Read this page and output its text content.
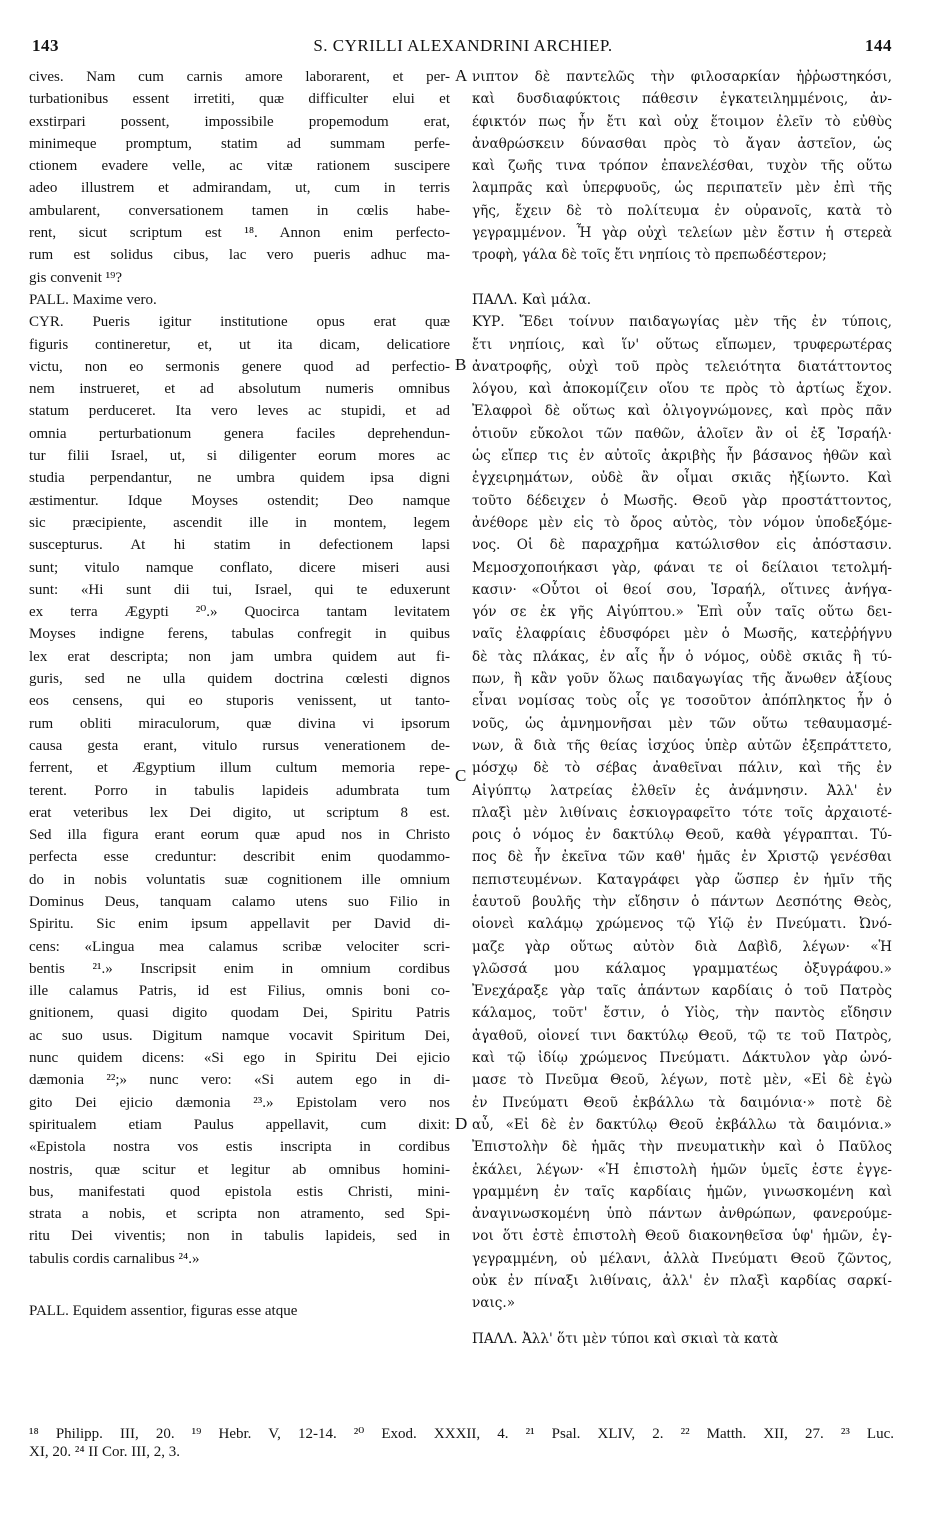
143	S. CYRILLI ALEXANDRINI ARCHIEP.	144
cives. Nam cum carnis amore laborarent, et per-
turbationibus essent irretiti, quæ difficulter elui et
exstirpari possent, impossibile propemodum erat,
minimeque promptum, statim ad summam perfe-
ctionem evadere velle, ac vitæ rationem suscipere
adeo illustrem et admirandam, ut, cum in terris
ambularent, conversationem tamen in cœlis habe-
rent, sicut scriptum est ¹⁸. Annon enim perfecto-
rum est solidus cibus, lac vero pueris adhuc ma-
gis convenit ¹⁹?
PALL. Maxime vero.
CYR. Pueris igitur institutione opus erat quæ
figuris contineretur, et, ut ita dicam, delicatiore
victu, non eo sermonis genere quod ad perfectio-
nem instrueret, et ad absolutum numeris omnibus
statum perduceret. Ita vero leves ac stupidi, et ad
omnia perturbationum genera faciles deprehendun-
tur filii Israel, ut, si diligenter eorum mores ac
studia perpendantur, ne umbra quidem ipsa digni
æstimentur. Idque Moyses ostendit; Deo namque
sic præcipiente, ascendit ille in montem, legem
suscepturus. At hi statim in defectionem lapsi
sunt; vitulo namque conflato, dicere miseri ausi
sunt: «Hi sunt dii tui, Israel, qui te eduxerunt
ex terra Ægypti ²⁰.» Quocirca tantam levitatem
Moyses indigne ferens, tabulas confregit in quibus
lex erat descripta; non jam umbra quidem aut fi-
guris, sed ne ulla quidem doctrina cœlesti dignos
eos censens, qui eo stuporis venissent, ut tanto-
rum obliti miraculorum, quæ divina vi ipsorum
causa gesta erant, vitulo rursus venerationem de-
ferrent, et Ægyptium illum cultum memoria repe-
terent. Porro in tabulis lapideis adumbrata tum
erat veteribus lex Dei digito, ut scriptum 8 est.
Sed illa figura erant eorum quæ apud nos in Christo
perfecta esse creduntur: describit enim quodammo-
do in nobis voluntatis suæ cognitionem ille omnium
Dominus Deus, tanquam calamo utens suo Filio in
Spiritu. Sic enim ipsum appellavit per David di-
cens: «Lingua mea calamus scribæ velociter scri-
bentis ²¹.» Inscripsit enim in omnium cordibus
ille calamus Patris, id est Filius, omnis boni co-
gnitionem, quasi digito quodam Dei, Spiritu Patris
ac suo usus. Digitum namque vocavit Spiritum Dei,
nunc quidem dicens: «Si ego in Spiritu Dei ejicio
dæmonia ²²;» nunc vero: «Si autem ego in di-
gito Dei ejicio dæmonia ²³.» Epistolam vero nos
spiritualem etiam Paulus appellavit, cum dixit:
«Epistola nostra vos estis inscripta in cordibus
nostris, quæ scitur et legitur ab omnibus homini-
bus, manifestati quod epistola estis Christi, mini-
strata a nobis, et scripta non atramento, sed Spi-
ritu Dei viventis; non in tabulis lapideis, sed in
tabulis cordis carnalibus ²⁴.»
PALL. Equidem assentior, figuras esse atque
νιπτον δὲ παντελῶς τὴν φιλοσαρκίαν ἠῤῥωστηκόσι,
καὶ δυσδιαφύκτοις πάθεσιν ἐγκατειλημμένοις, ἀν-
έφικτόν πως ἦν ἔτι καὶ οὐχ ἕτοιμον ἐλεῖν τὸ εὐθὺς
ἀναθρώσκειν δύνασθαι πρὸς τὸ ἄγαν ἀστεῖον, ὡς
καὶ ζωῆς τινα τρόπον ἐπανελέσθαι, τυχὸν τῆς οὕτω
λαμπρᾶς καὶ ὑπερφυοῦς, ὡς περιπατεῖν μὲν ἐπὶ τῆς
γῆς, ἔχειν δὲ τὸ πολίτευμα ἐν οὐρανοῖς, κατὰ τὸ
γεγραμμένον. Ἦ γὰρ οὐχὶ τελείων μὲν ἔστιν ἡ στερεὰ
τροφὴ, γάλα δὲ τοῖς ἔτι νηπίοις τὸ πρεπωδέστερον;
ΠΑΛΛ. Καὶ μάλα.
ΚΥΡ. Ἔδει τοίνυν παιδαγωγίας μὲν τῆς ἐν τύποις,
ἔτι νηπίοις, καὶ ἵν' οὕτως εἴπωμεν, τρυφερωτέρας
ἀνατροφῆς, οὐχὶ τοῦ πρὸς τελειότητα διατάττοντος
λόγου, καὶ ἀποκομίζειν οἵου τε πρὸς τὸ ἀρτίως ἔχον.
Ἐλαφροὶ δὲ οὕτως καὶ ὀλιγογνώμονες, καὶ πρὸς πᾶν
ὁτιοῦν εὔκολοι τῶν παθῶν, ἁλοῖεν ἂν οἱ ἐξ Ἰσραήλ·
ὡς εἴπερ τις ἐν αὐτοῖς ἀκριβὴς ἦν βάσανος ἠθῶν καὶ
ἐγχειρημάτων, οὐδὲ ἂν οἶμαι σκιᾶς ἠξίωντο. Καὶ
τοῦτο δέδειχεν ὁ Μωσῆς. Θεοῦ γὰρ προστάττοντος,
ἀνέθορε μὲν εἰς τὸ ὄρος αὐτὸς, τὸν νόμον ὑποδεξόμε-
νος. Οἱ δὲ παραχρῆμα κατώλισθον εἰς ἀπόστασιν.
Μεμοσχοποιήκασι γὰρ, φάναι τε οἱ δείλαιοι τετολμή-
κασιν· «Οὗτοι οἱ θεοί σου, Ἰσραήλ, οἵτινες ἀνήγα-
γόν σε ἐκ γῆς Αἰγύπτου.» Ἐπὶ οὖν ταῖς οὕτω δει-
ναῖς ἐλαφρίαις ἐδυσφόρει μὲν ὁ Μωσῆς, κατεῤῥήγνυ
δὲ τὰς πλάκας, ἐν αἷς ἦν ὁ νόμος, οὐδὲ σκιᾶς ἢ τύ-
πων, ἢ κἂν γοῦν ὅλως παιδαγωγίας τῆς ἄνωθεν ἀξίους
εἶναι νομίσας τοὺς οἷς γε τοσοῦτον ἀπόπληκτος ἦν ὁ
νοῦς, ὡς ἀμνημονῆσαι μὲν τῶν οὕτω τεθαυμασμέ-
νων, ἃ διὰ τῆς θείας ἰσχύος ὑπὲρ αὐτῶν ἐξεπράττετο,
μόσχῳ δὲ τὸ σέβας ἀναθεῖναι πάλιν, καὶ τῆς ἐν
Αἰγύπτῳ λατρείας ἐλθεῖν ἐς ἀνάμνησιν. Ἀλλ' ἐν
πλαξὶ μὲν λιθίναις ἐσκιογραφεῖτο τότε τοῖς ἀρχαιοτέ-
ροις ὁ νόμος ἐν δακτύλῳ Θεοῦ, καθὰ γέγραπται. Τύ-
πος δὲ ἦν ἐκεῖνα τῶν καθ' ἡμᾶς ἐν Χριστῷ γενέσθαι
πεπιστευμένων. Καταγράφει γὰρ ὥσπερ ἐν ἡμῖν τῆς
ἑαυτοῦ βουλῆς τὴν εἴδησιν ὁ πάντων Δεσπότης Θεὸς,
οἱονεὶ καλάμῳ χρώμενος τῷ Υἱῷ ἐν Πνεύματι. Ὠνό-
μαζε γὰρ οὕτως αὐτὸν διὰ Δαβὶδ, λέγων· «Ἡ
γλῶσσά μου κάλαμος γραμματέως ὀξυγράφου.»
Ἐνεχάραξε γὰρ ταῖς ἁπάντων καρδίαις ὁ τοῦ Πατρὸς
κάλαμος, τοῦτ' ἔστιν, ὁ Υἱὸς, τὴν παντὸς εἴδησιν
ἀγαθοῦ, οἱονεί τινι δακτύλῳ Θεοῦ, τῷ τε τοῦ Πατρὸς,
καὶ τῷ ἰδίῳ χρώμενος Πνεύματι. Δάκτυλον γὰρ ὠνό-
μασε τὸ Πνεῦμα Θεοῦ, λέγων, ποτὲ μὲν, «Εἰ δὲ ἐγὼ
ἐν Πνεύματι Θεοῦ ἐκβάλλω τὰ δαιμόνια·» ποτὲ δὲ
αὖ, «Εἰ δὲ ἐν δακτύλῳ Θεοῦ ἐκβάλλω τὰ δαιμόνια.»
Ἐπιστολὴν δὲ ἡμᾶς τὴν πνευματικὴν καὶ ὁ Παῦλος
ἐκάλει, λέγων· «Ἡ ἐπιστολὴ ἡμῶν ὑμεῖς ἐστε ἐγγε-
γραμμένη ἐν ταῖς καρδίαις ἡμῶν, γινωσκομένη καὶ
ἀναγινωσκομένη ὑπὸ πάντων ἀνθρώπων, φανερούμε-
νοι ὅτι ἐστὲ ἐπιστολὴ Θεοῦ διακονηθεῖσα ὑφ' ἡμῶν, ἐγ-
γεγραμμένη, οὐ μέλανι, ἀλλὰ Πνεύματι Θεοῦ ζῶντος,
οὐκ ἐν πίναξι λιθίναις, ἀλλ' ἐν πλαξὶ καρδίας σαρκί-
ναις.»
ΠΑΛΛ. Ἀλλ' ὅτι μὲν τύποι καὶ σκιαὶ τὰ κατὰ
A
B
C
D
¹⁸ Philipp. III, 20. ¹⁹ Hebr. V, 12-14. ²⁰ Exod. XXXII, 4. ²¹ Psal. XLIV, 2. ²² Matth. XII, 27. ²³ Luc.
XI, 20. ²⁴ II Cor. III, 2, 3.
